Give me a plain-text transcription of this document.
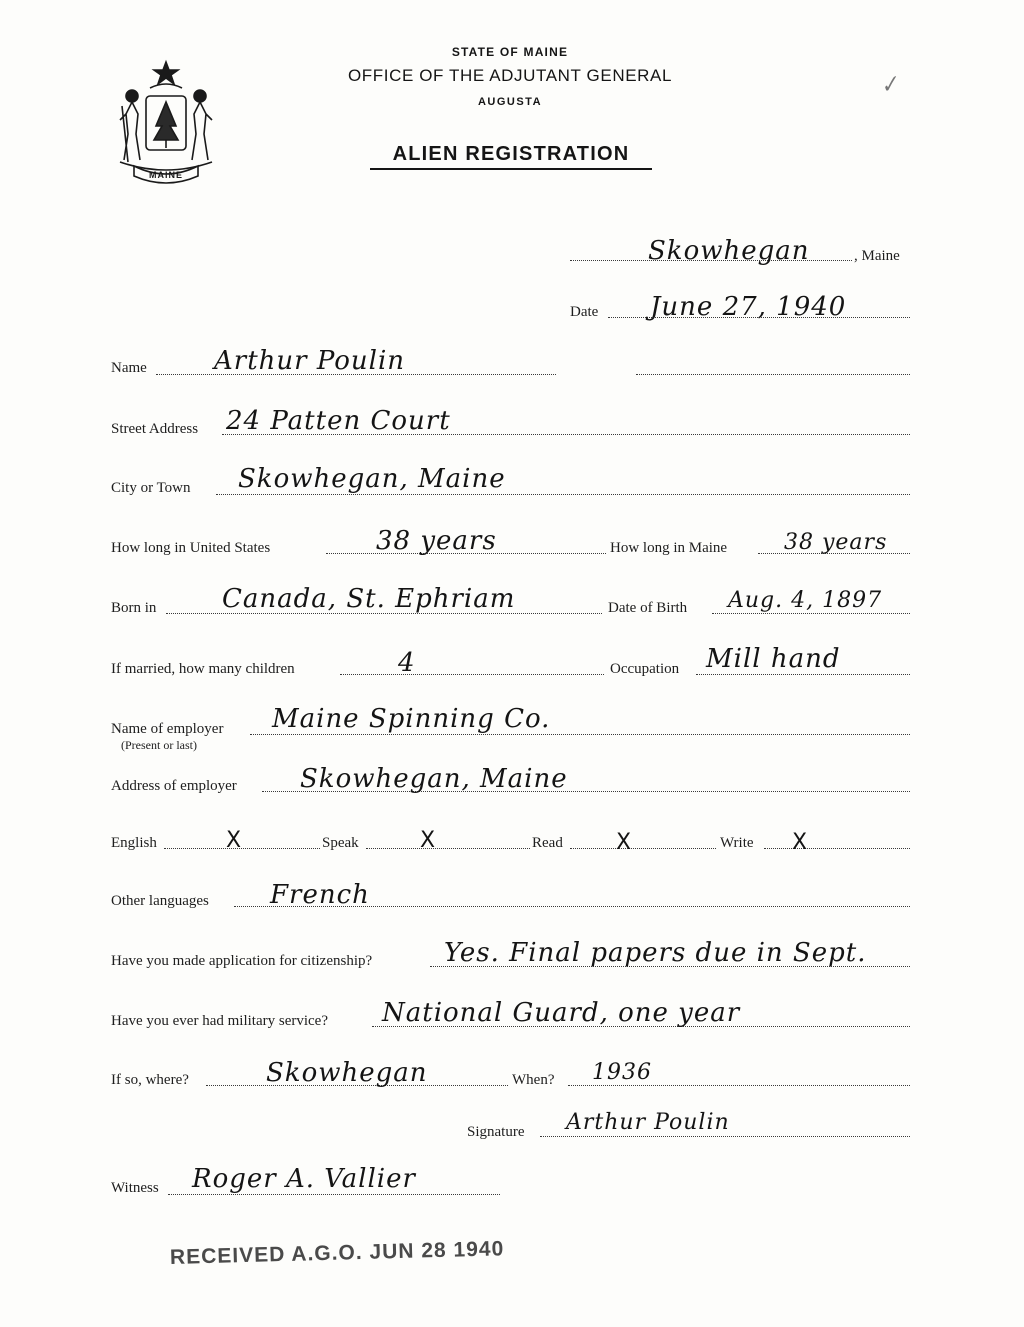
MAINE
STATE OF MAINE
OFFICE OF THE ADJUTANT GENERAL
AUGUSTA
ALIEN REGISTRATION
✓
Skowhegan	, Maine
Date June 27, 1940
Name	Arthur Poulin
Street Address 24 Patten Court
City or Town Skowhegan, Maine
How long in United States	38 years	How long in Maine	38 years
Born in	Canada, St. Ephriam	Date of Birth Aug. 4, 1897
If married, how many children	4	Occupation Mill hand
Name of employer
(Present or last)
Maine Spinning Co.
Address of employer Skowhegan, Maine
English	X	Speak	X	Read X	Write X
Other languages French
Have you made application for citizenship?	Yes. Final papers due in Sept.
Have you ever had military service? National Guard, one year
If so, where?	Skowhegan	When? 1936
Signature Arthur Poulin
Witness Roger A. Vallier
RECEIVED A.G.O. JUN 28 1940
